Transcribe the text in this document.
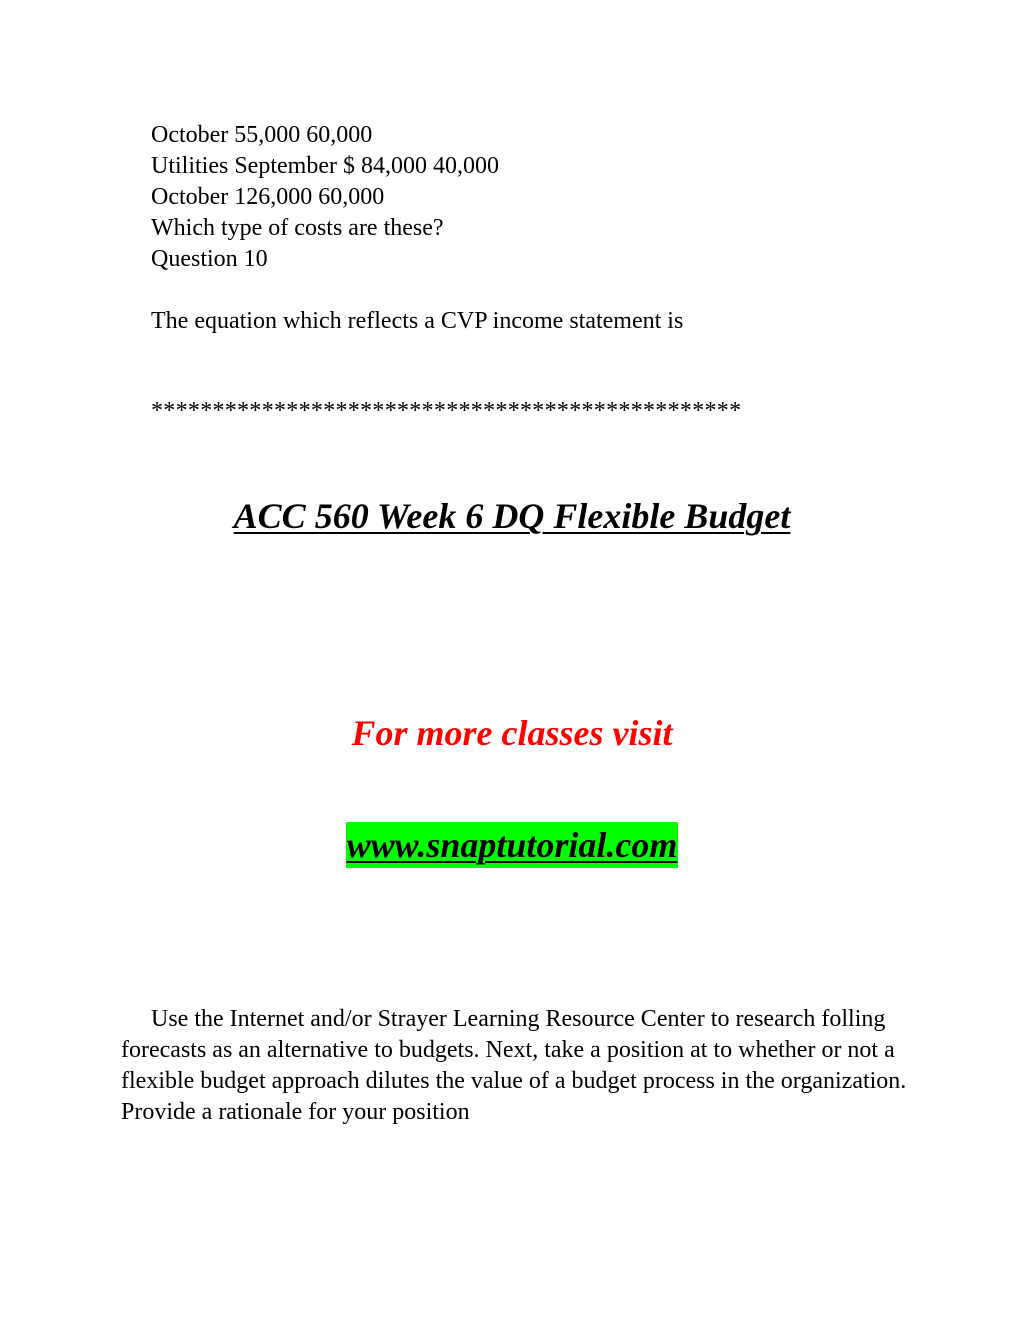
October 55,000 60,000
Utilities September $ 84,000 40,000
October 126,000 60,000
Which type of costs are these?
Question 10
The equation which reflects a CVP income statement is
************************************************
ACC 560 Week 6 DQ Flexible Budget
For more classes visit
www.snaptutorial.com

Use the Internet and/or Strayer Learning Resource Center to research folling forecasts as an alternative to budgets. Next, take a position at to whether or not a flexible budget approach dilutes the value of a budget process in the organization. Provide a rationale for your position
